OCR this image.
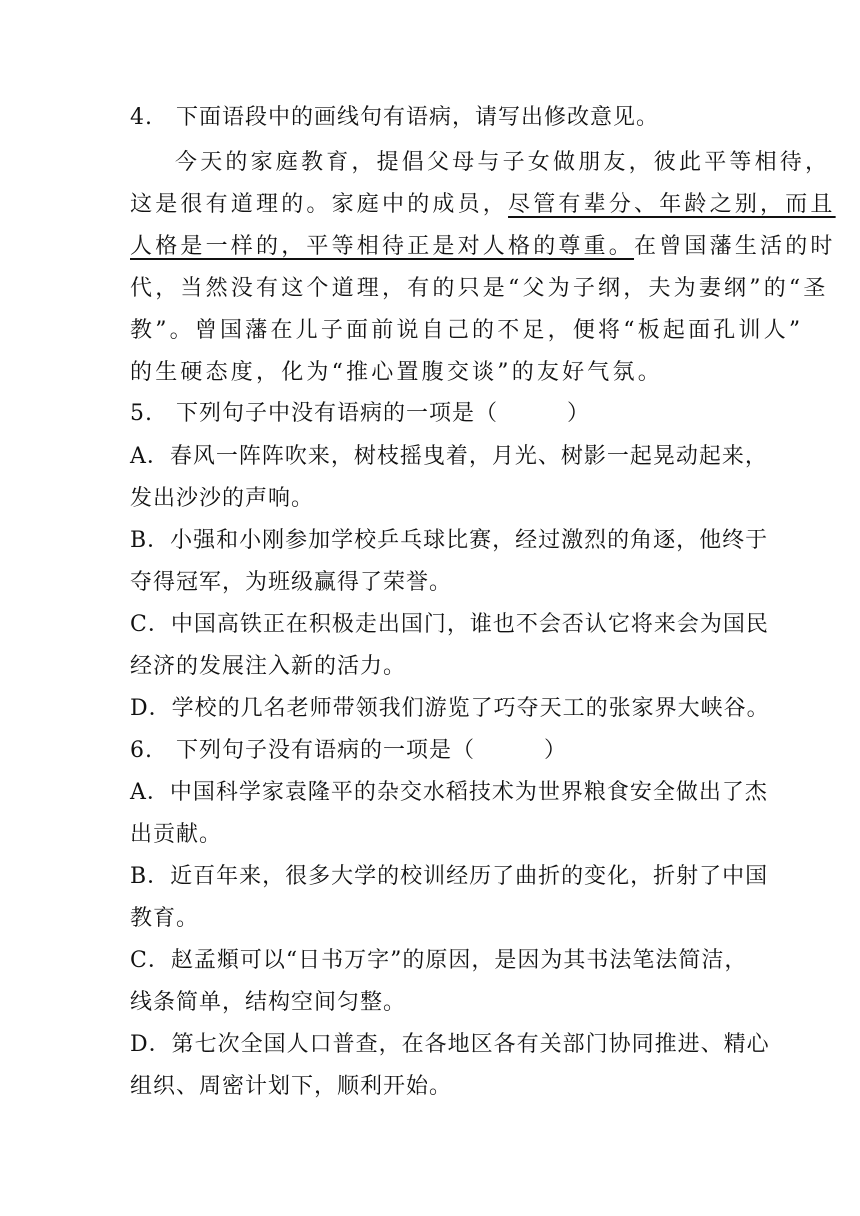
4.　下面语段中的画线句有语病，请写出修改意见。
今天的家庭教育，提倡父母与子女做朋友，彼此平等相待，
这是很有道理的。家庭中的成员，尽管有辈分、年龄之别，而且
人格是一样的，平等相待正是对人格的尊重。在曾国藩生活的时
代，当然没有这个道理，有的只是“父为子纲，夫为妻纲”的“圣
教”。曾国藩在儿子面前说自己的不足，便将“板起面孔训人”
的生硬态度，化为“推心置腹交谈”的友好气氛。
5.　下列句子中没有语病的一项是（　　　）
A．春风一阵阵吹来，树枝摇曳着，月光、树影一起晃动起来，
发出沙沙的声响。
B．小强和小刚参加学校乒乓球比赛，经过激烈的角逐，他终于
夺得冠军，为班级赢得了荣誉。
C．中国高铁正在积极走出国门，谁也不会否认它将来会为国民
经济的发展注入新的活力。
D．学校的几名老师带领我们游览了巧夺天工的张家界大峡谷。
6.　下列句子没有语病的一项是（　　　）
A．中国科学家袁隆平的杂交水稻技术为世界粮食安全做出了杰
出贡献。
B．近百年来，很多大学的校训经历了曲折的变化，折射了中国
教育。
C．赵孟頫可以“日书万字”的原因，是因为其书法笔法简洁，
线条简单，结构空间匀整。
D．第七次全国人口普查，在各地区各有关部门协同推进、精心
组织、周密计划下，顺利开始。
